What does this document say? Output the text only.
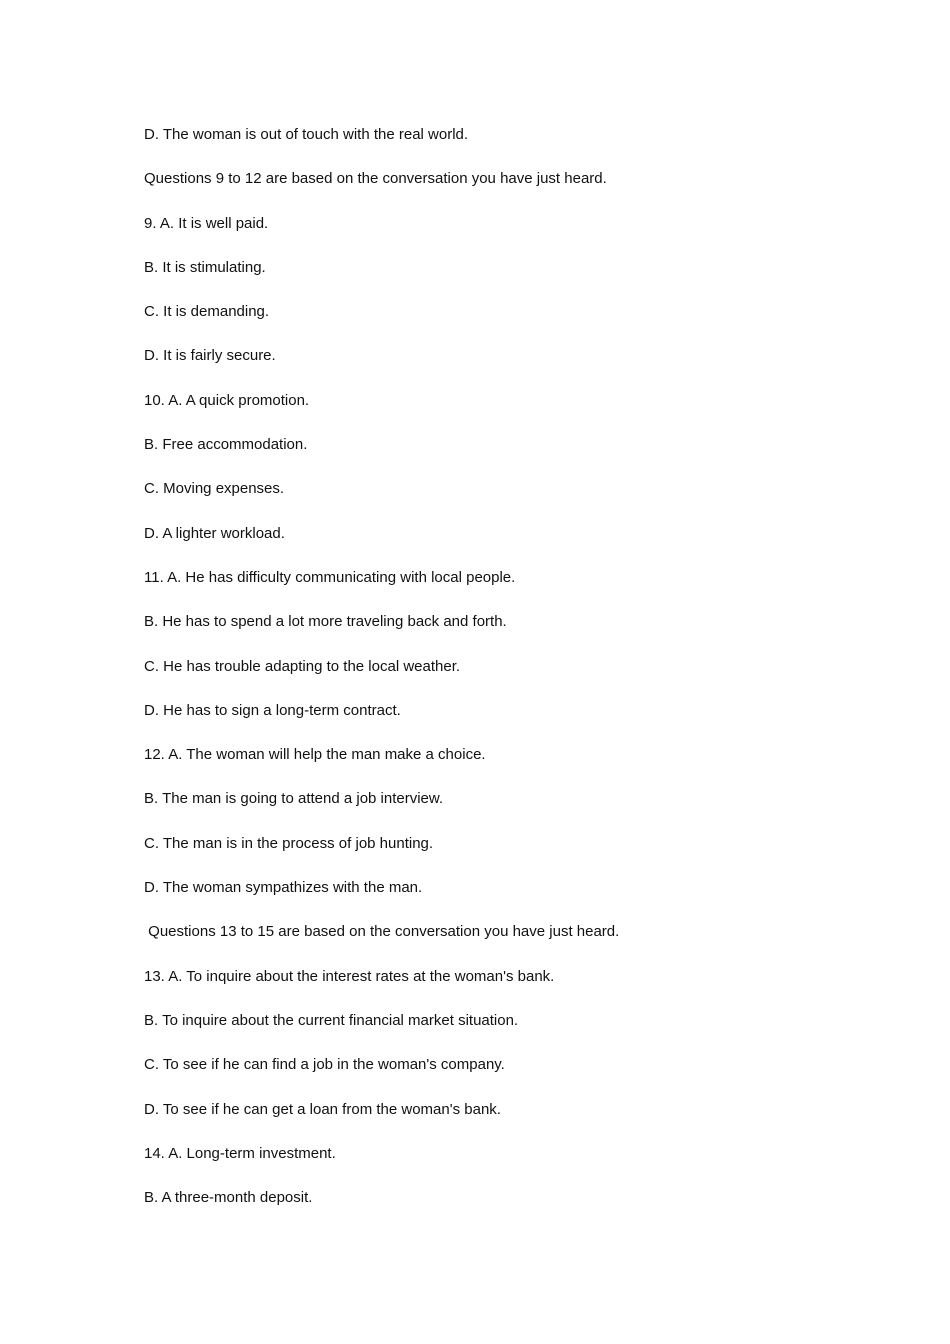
D. The woman is out of touch with the real world.
Questions 9 to 12 are based on the conversation you have just heard.
9. A. It is well paid.
B. It is stimulating.
C. It is demanding.
D. It is fairly secure.
10. A. A quick promotion.
B. Free accommodation.
C. Moving expenses.
D. A lighter workload.
11. A. He has difficulty communicating with local people.
B. He has to spend a lot more traveling back and forth.
C. He has trouble adapting to the local weather.
D. He has to sign a long-term contract.
12. A. The woman will help the man make a choice.
B. The man is going to attend a job interview.
C. The man is in the process of job hunting.
D. The woman sympathizes with the man.
Questions 13 to 15 are based on the conversation you have just heard.
13. A. To inquire about the interest rates at the woman's bank.
B. To inquire about the current financial market situation.
C. To see if he can find a job in the woman's company.
D. To see if he can get a loan from the woman's bank.
14. A. Long-term investment.
B. A three-month deposit.
